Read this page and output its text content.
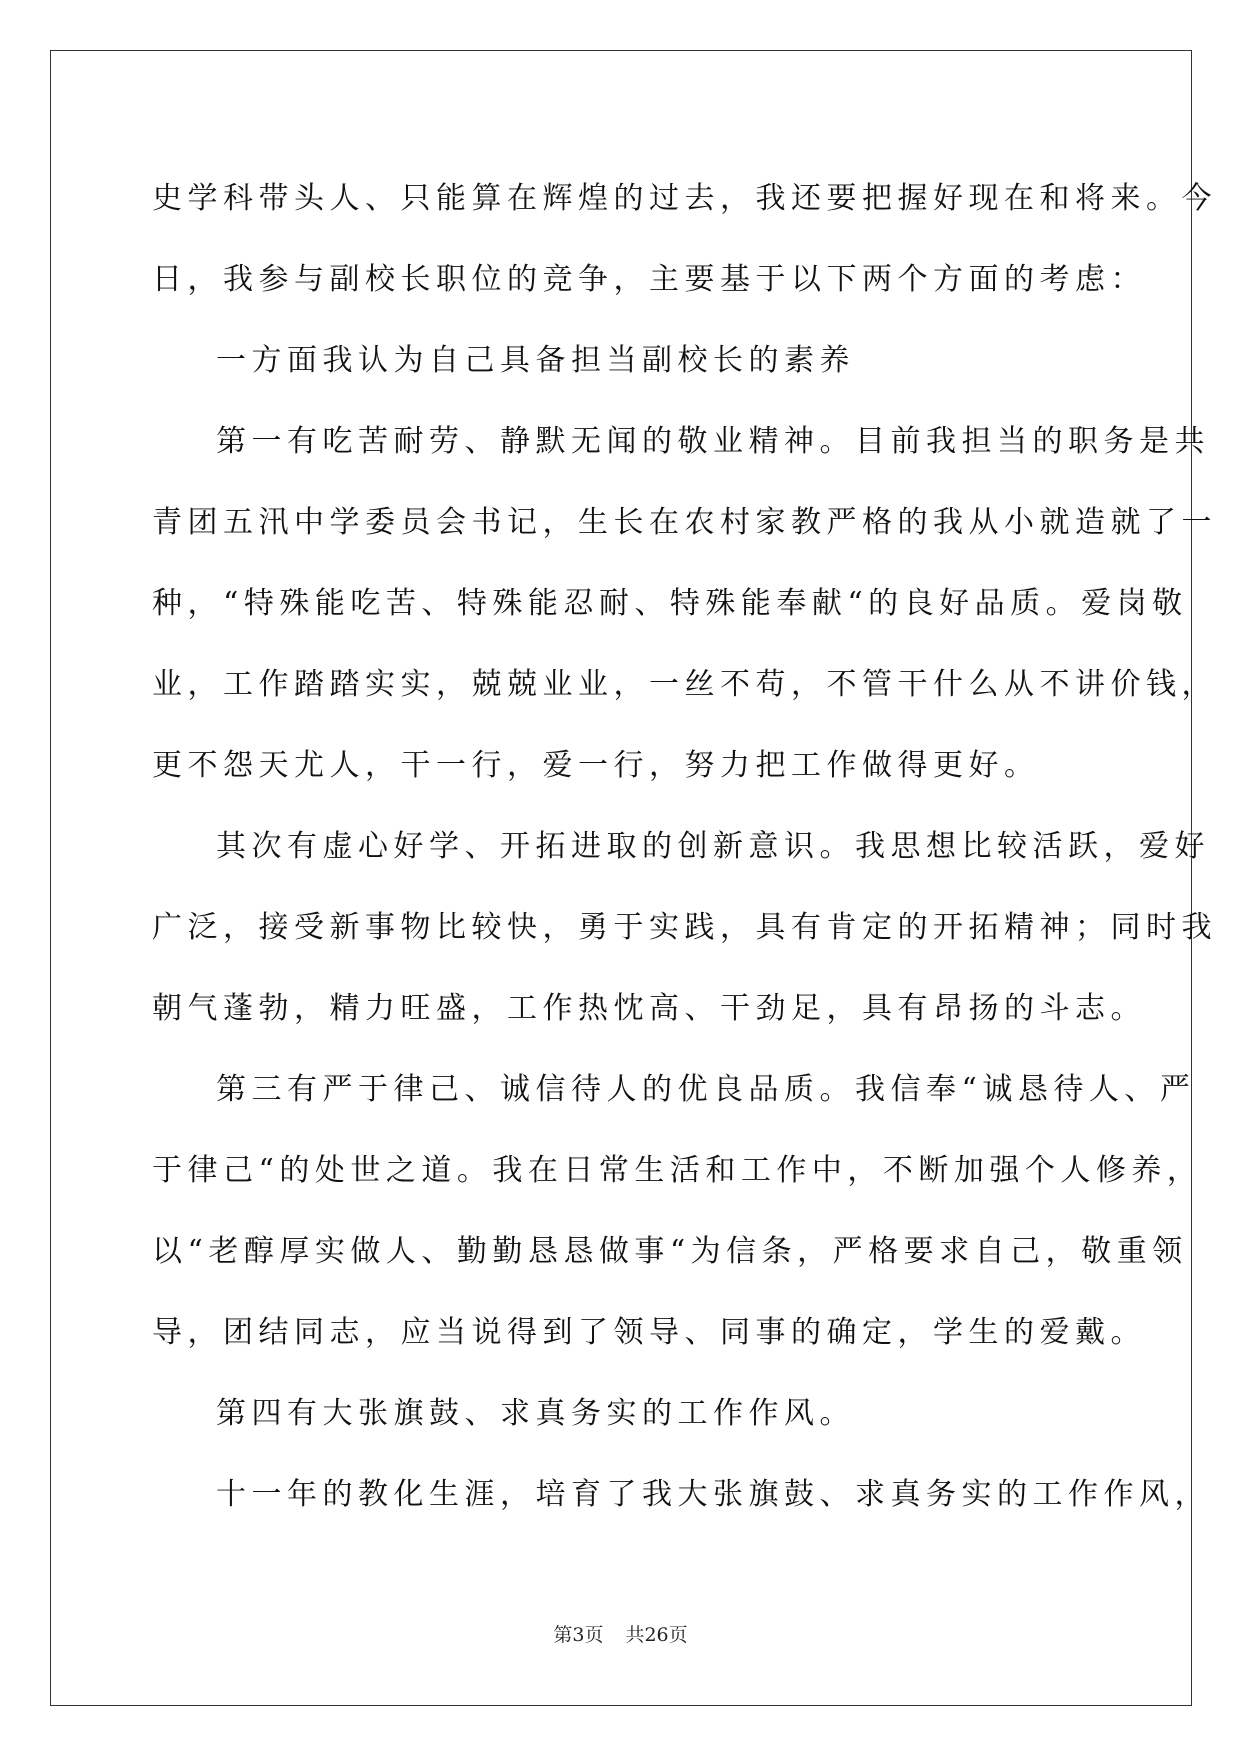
史学科带头人、只能算在辉煌的过去，我还要把握好现在和将来。今
日，我参与副校长职位的竞争，主要基于以下两个方面的考虑：
一方面我认为自己具备担当副校长的素养
第一有吃苦耐劳、静默无闻的敬业精神。目前我担当的职务是共
青团五汛中学委员会书记，生长在农村家教严格的我从小就造就了一
种，“特殊能吃苦、特殊能忍耐、特殊能奉献“的良好品质。爱岗敬
业，工作踏踏实实，兢兢业业，一丝不苟，不管干什么从不讲价钱，
更不怨天尤人，干一行，爱一行，努力把工作做得更好。
其次有虚心好学、开拓进取的创新意识。我思想比较活跃，爱好
广泛，接受新事物比较快，勇于实践，具有肯定的开拓精神；同时我
朝气蓬勃，精力旺盛，工作热忱高、干劲足，具有昂扬的斗志。
第三有严于律己、诚信待人的优良品质。我信奉“诚恳待人、严
于律己“的处世之道。我在日常生活和工作中，不断加强个人修养，
以“老醇厚实做人、勤勤恳恳做事“为信条，严格要求自己，敬重领
导，团结同志，应当说得到了领导、同事的确定，学生的爱戴。
第四有大张旗鼓、求真务实的工作作风。
十一年的教化生涯，培育了我大张旗鼓、求真务实的工作作风，
第3页 共26页
